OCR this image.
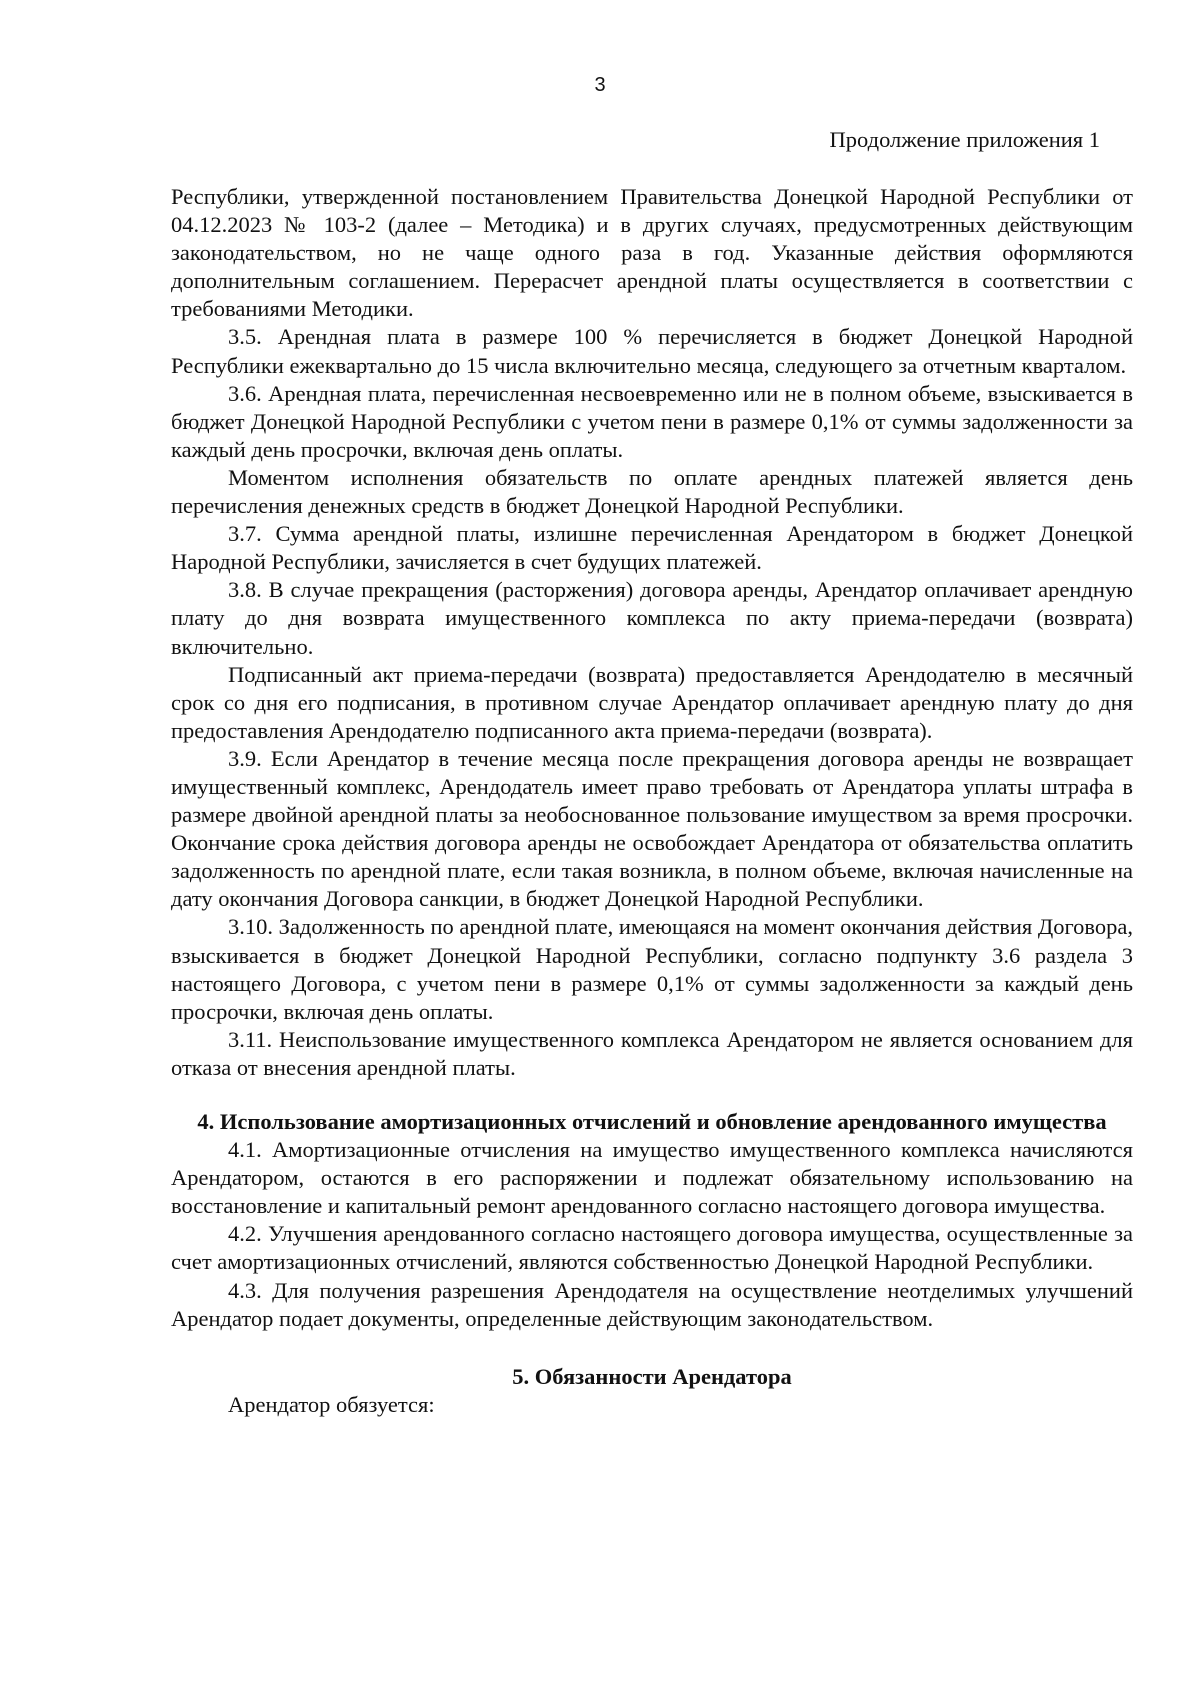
3
Продолжение приложения 1

Республики, утвержденной постановлением Правительства Донецкой Народной Республики от 04.12.2023 № 103-2 (далее – Методика) и в других случаях, предусмотренных действующим законодательством, но не чаще одного раза в год. Указанные действия оформляются дополнительным соглашением. Перерасчет арендной платы осуществляется в соответствии с требованиями Методики.

3.5. Арендная плата в размере 100 % перечисляется в бюджет Донецкой Народной Республики ежеквартально до 15 числа включительно месяца, следующего за отчетным кварталом.

3.6. Арендная плата, перечисленная несвоевременно или не в полном объеме, взыскивается в бюджет Донецкой Народной Республики с учетом пени в размере 0,1% от суммы задолженности за каждый день просрочки, включая день оплаты.

Моментом исполнения обязательств по оплате арендных платежей является день перечисления денежных средств в бюджет Донецкой Народной Республики.

3.7. Сумма арендной платы, излишне перечисленная Арендатором в бюджет Донецкой Народной Республики, зачисляется в счет будущих платежей.

3.8. В случае прекращения (расторжения) договора аренды, Арендатор оплачивает арендную плату до дня возврата имущественного комплекса по акту приема-передачи (возврата) включительно.

Подписанный акт приема-передачи (возврата) предоставляется Арендодателю в месячный срок со дня его подписания, в противном случае Арендатор оплачивает арендную плату до дня предоставления Арендодателю подписанного акта приема-передачи (возврата).

3.9. Если Арендатор в течение месяца после прекращения договора аренды не возвращает имущественный комплекс, Арендодатель имеет право требовать от Арендатора уплаты штрафа в размере двойной арендной платы за необоснованное пользование имуществом за время просрочки. Окончание срока действия договора аренды не освобождает Арендатора от обязательства оплатить задолженность по арендной плате, если такая возникла, в полном объеме, включая начисленные на дату окончания Договора санкции, в бюджет Донецкой Народной Республики.

3.10. Задолженность по арендной плате, имеющаяся на момент окончания действия Договора, взыскивается в бюджет Донецкой Народной Республики, согласно подпункту 3.6 раздела 3 настоящего Договора, с учетом пени в размере 0,1% от суммы задолженности за каждый день просрочки, включая день оплаты.

3.11. Неиспользование имущественного комплекса Арендатором не является основанием для отказа от внесения арендной платы.

4. Использование амортизационных отчислений и обновление арендованного имущества

4.1. Амортизационные отчисления на имущество имущественного комплекса начисляются Арендатором, остаются в его распоряжении и подлежат обязательному использованию на восстановление и капитальный ремонт арендованного согласно настоящего договора имущества.

4.2. Улучшения арендованного согласно настоящего договора имущества, осуществленные за счет амортизационных отчислений, являются собственностью Донецкой Народной Республики.

4.3. Для получения разрешения Арендодателя на осуществление неотделимых улучшений Арендатор подает документы, определенные действующим законодательством.

5. Обязанности Арендатора

Арендатор обязуется:
